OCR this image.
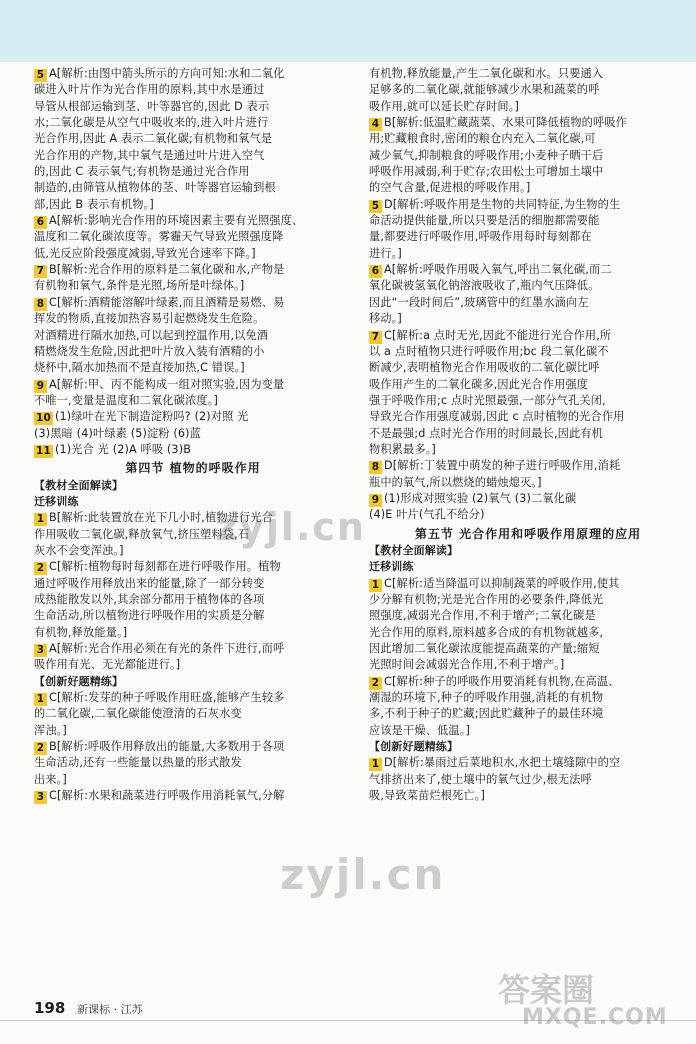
5 A[解析:由图中箭头所示的方向可知:水和二氧化
碳进入叶片作为光合作用的原料,其中水是通过
导管从根部运输到茎、叶等器官的,因此 D 表示
水;二氧化碳是从空气中吸收来的,进入叶片进行
光合作用,因此 A 表示二氧化碳;有机物和氧气是
光合作用的产物,其中氧气是通过叶片进入空气
的,因此 C 表示氧气;有机物是通过光合作用
制造的,由筛管从植物体的茎、叶等器官运输到根
部,因此 B 表示有机物。]
6 A[解析:影响光合作用的环境因素主要有光照强度、
温度和二氧化碳浓度等。雾霾天气导致光照强度降
低,光反应阶段强度减弱,导致光合速率下降。]
7 B[解析:光合作用的原料是二氧化碳和水,产物是
有机物和氧气,条件是光照,场所是叶绿体。]
8 C[解析:酒精能溶解叶绿素,而且酒精是易燃、易
挥发的物质,直接加热容易引起燃烧发生危险。
对酒精进行隔水加热,可以起到控温作用,以免酒
精燃烧发生危险,因此把叶片放入装有酒精的小
烧杯中,隔水加热而不是直接加热,C 错误。]
9 A[解析:甲、丙不能构成一组对照实验,因为变量
不唯一,变量是温度和二氧化碳浓度。]
10 (1)绿叶在光下制造淀粉吗? (2)对照 光
(3)黑暗 (4)叶绿素 (5)淀粉 (6)蓝
11 (1)光合 光 (2)A 呼吸 (3)B
第四节 植物的呼吸作用
【教材全面解读】
迁移训练
1 B[解析:此装置放在光下几小时,植物进行光合
作用吸收二氧化碳,释放氧气,挤压塑料袋,石
灰水不会变浑浊。]
2 C[解析:植物每时每刻都在进行呼吸作用。植物
通过呼吸作用释放出来的能量,除了一部分转变
成热能散发以外,其余部分都用于植物体的各项
生命活动,所以植物进行呼吸作用的实质是分解
有机物,释放能量。]
3 A[解析:光合作用必须在有光的条件下进行,而呼
吸作用有光、无光都能进行。]
【创新好题精练】
1 C[解析:发芽的种子呼吸作用旺盛,能够产生较多
的二氧化碳,二氧化碳能使澄清的石灰水变
浑浊。]
2 B[解析:呼吸作用释放出的能量,大多数用于各项
生命活动,还有一些能量以热量的形式散发
出来。]
3 C[解析:水果和蔬菜进行呼吸作用消耗氧气,分解
有机物,释放能量,产生二氧化碳和水。只要通入
足够多的二氧化碳,就能够减少水果和蔬菜的呼
吸作用,就可以延长贮存时间。]
4 B[解析:低温贮藏蔬菜、水果可降低植物的呼吸作
用;贮藏粮食时,密闭的粮仓内充入二氧化碳,可
减少氧气,抑制粮食的呼吸作用;小麦种子晒干后
呼吸作用减弱,利于贮存;农田松土可增加土壤中
的空气含量,促进根的呼吸作用。]
5 D[解析:呼吸作用是生物的共同特征,为生物的生
命活动提供能量,所以只要是活的细胞都需要能
量,都要进行呼吸作用,呼吸作用每时每刻都在
进行。]
6 A[解析:呼吸作用吸入氧气,呼出二氧化碳,而二
氧化碳被氢氧化钠溶液吸收了,瓶内气压降低。
因此“一段时间后”,玻璃管中的红墨水滴向左
移动。]
7 C[解析:a 点时无光,因此不能进行光合作用,所
以 a 点时植物只进行呼吸作用;bc 段二氧化碳不
断减少,表明植物光合作用吸收的二氧化碳比呼
吸作用产生的二氧化碳多,因此光合作用强度
强于呼吸作用;c 点时光照最强,一部分气孔关闭,
导致光合作用强度减弱,因此 c 点时植物的光合作用
不是最强;d 点时光合作用的时间最长,因此有机
物积累最多。]
8 D[解析:丁装置中萌发的种子进行呼吸作用,消耗
瓶中的氧气,所以燃烧的蜡烛熄灭。]
9 (1)形成对照实验 (2)氧气 (3)二氧化碳
(4)E 叶片(气孔不给分)
第五节 光合作用和呼吸作用原理的应用
【教材全面解读】
迁移训练
1 C[解析:适当降温可以抑制蔬菜的呼吸作用,使其
少分解有机物;光是光合作用的必要条件,降低光
照强度,减弱光合作用,不利于增产;二氧化碳是
光合作用的原料,原料越多合成的有机物就越多,
因此增加二氧化碳浓度能提高蔬菜的产量;缩短
光照时间会减弱光合作用,不利于增产。]
2 C[解析:种子的呼吸作用要消耗有机物,在高温、
潮湿的环境下,种子的呼吸作用强,消耗的有机物
多,不利于种子的贮藏;因此贮藏种子的最佳环境
应该是干燥、低温。]
【创新好题精练】
1 D[解析:暴雨过后菜地积水,水把土壤缝隙中的空
气排挤出来了,使土壤中的氧气过少,根无法呼
吸,导致菜苗烂根死亡。]
198 新课标 · 江苏
zyjl.cn
zyjl.cn
答案圈
MXQE.COM
